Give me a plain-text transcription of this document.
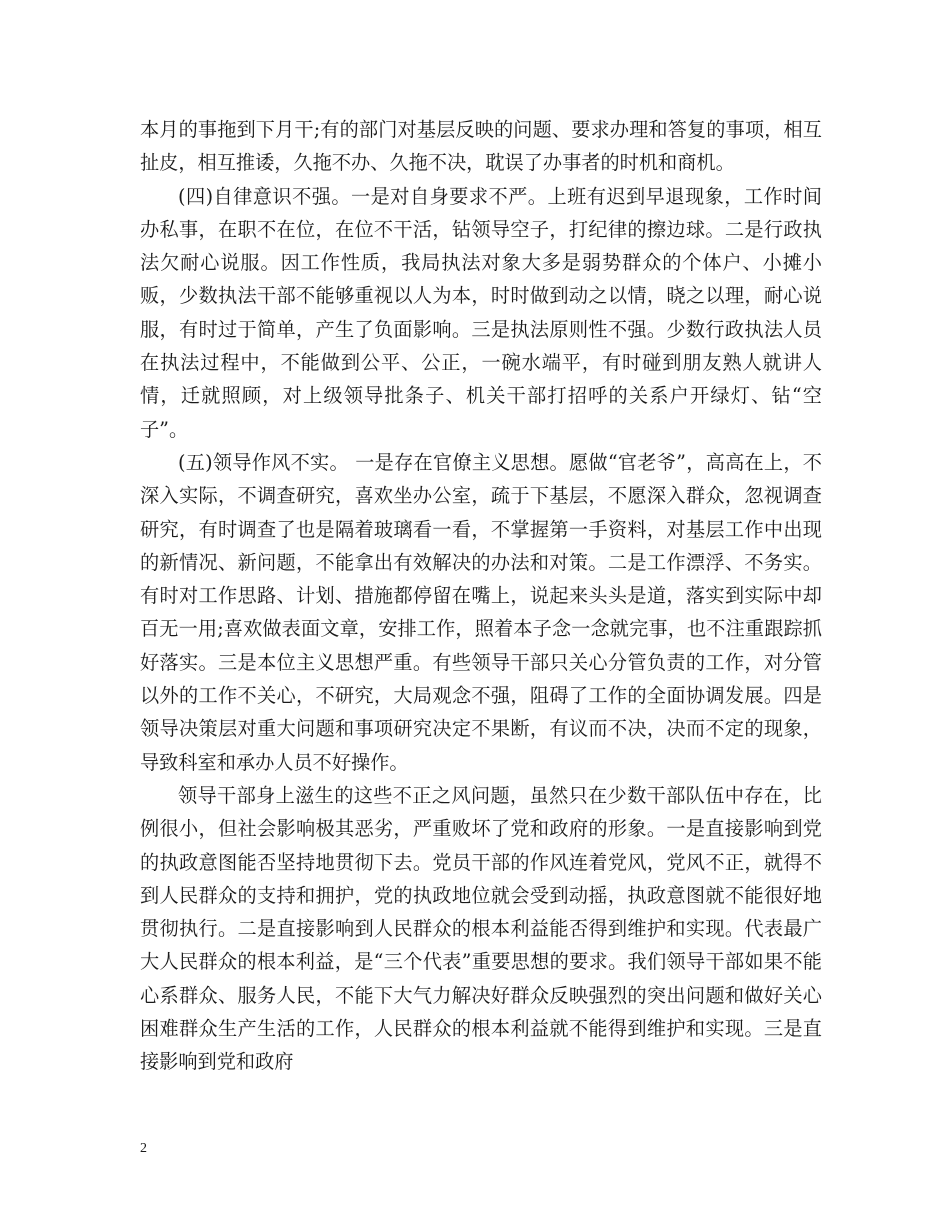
本月的事拖到下月干;有的部门对基层反映的问题、要求办理和答复的事项，相互扯皮，相互推诿，久拖不办、久拖不决，耽误了办事者的时机和商机。

(四)自律意识不强。一是对自身要求不严。上班有迟到早退现象，工作时间办私事，在职不在位，在位不干活，钻领导空子，打纪律的擦边球。二是行政执法欠耐心说服。因工作性质，我局执法对象大多是弱势群众的个体户、小摊小贩，少数执法干部不能够重视以人为本，时时做到动之以情，晓之以理，耐心说服，有时过于简单，产生了负面影响。三是执法原则性不强。少数行政执法人员在执法过程中，不能做到公平、公正，一碗水端平，有时碰到朋友熟人就讲人情，迁就照顾，对上级领导批条子、机关干部打招呼的关系户开绿灯、钻“空子”。

(五)领导作风不实。 一是存在官僚主义思想。愿做“官老爷”，高高在上，不深入实际，不调查研究，喜欢坐办公室，疏于下基层，不愿深入群众，忽视调查研究，有时调查了也是隔着玻璃看一看，不掌握第一手资料，对基层工作中出现的新情况、新问题，不能拿出有效解决的办法和对策。二是工作漂浮、不务实。有时对工作思路、计划、措施都停留在嘴上，说起来头头是道，落实到实际中却百无一用;喜欢做表面文章，安排工作，照着本子念一念就完事，也不注重跟踪抓好落实。三是本位主义思想严重。有些领导干部只关心分管负责的工作，对分管以外的工作不关心，不研究，大局观念不强，阻碍了工作的全面协调发展。四是领导决策层对重大问题和事项研究决定不果断，有议而不决，决而不定的现象，导致科室和承办人员不好操作。

领导干部身上滋生的这些不正之风问题，虽然只在少数干部队伍中存在，比例很小，但社会影响极其恶劣，严重败坏了党和政府的形象。一是直接影响到党的执政意图能否坚持地贯彻下去。党员干部的作风连着党风，党风不正，就得不到人民群众的支持和拥护，党的执政地位就会受到动摇，执政意图就不能很好地贯彻执行。二是直接影响到人民群众的根本利益能否得到维护和实现。代表最广大人民群众的根本利益，是“三个代表”重要思想的要求。我们领导干部如果不能心系群众、服务人民，不能下大气力解决好群众反映强烈的突出问题和做好关心困难群众生产生活的工作，人民群众的根本利益就不能得到维护和实现。三是直接影响到党和政府

2
